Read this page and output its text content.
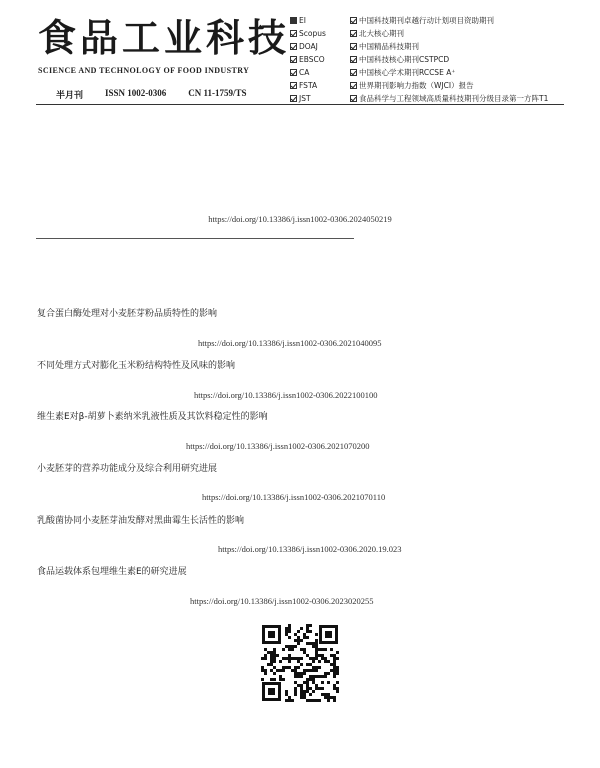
食品工业科技
SCIENCE AND TECHNOLOGY OF FOOD INDUSTRY
半月刊 ISSN 1002-0306 CN 11-1759/TS
EI
Scopus
DOAJ
EBSCO
CA
FSTA
JST
中国科技期刊卓越行动计划项目资助期刊
北大核心期刊
中国精品科技期刊
中国科技核心期刊CSTPCD
中国核心学术期刊RCCSE A⁺
世界期刊影响力指数（WJCI）报告
食品科学与工程领域高质量科技期刊分级目录第一方阵T1
https://doi.org/10.13386/j.issn1002-0306.2024050219
复合蛋白酶处理对小麦胚芽粉品质特性的影响
https://doi.org/10.13386/j.issn1002-0306.2021040095
不同处理方式对膨化玉米粉结构特性及风味的影响
https://doi.org/10.13386/j.issn1002-0306.2022100100
维生素E对β-胡萝卜素纳米乳液性质及其饮料稳定性的影响
https://doi.org/10.13386/j.issn1002-0306.2021070200
小麦胚芽的营养功能成分及综合利用研究进展
https://doi.org/10.13386/j.issn1002-0306.2021070110
乳酸菌协同小麦胚芽油发酵对黑曲霉生长活性的影响
https://doi.org/10.13386/j.issn1002-0306.2020.19.023
食品运载体系包埋维生素E的研究进展
https://doi.org/10.13386/j.issn1002-0306.2023020255
